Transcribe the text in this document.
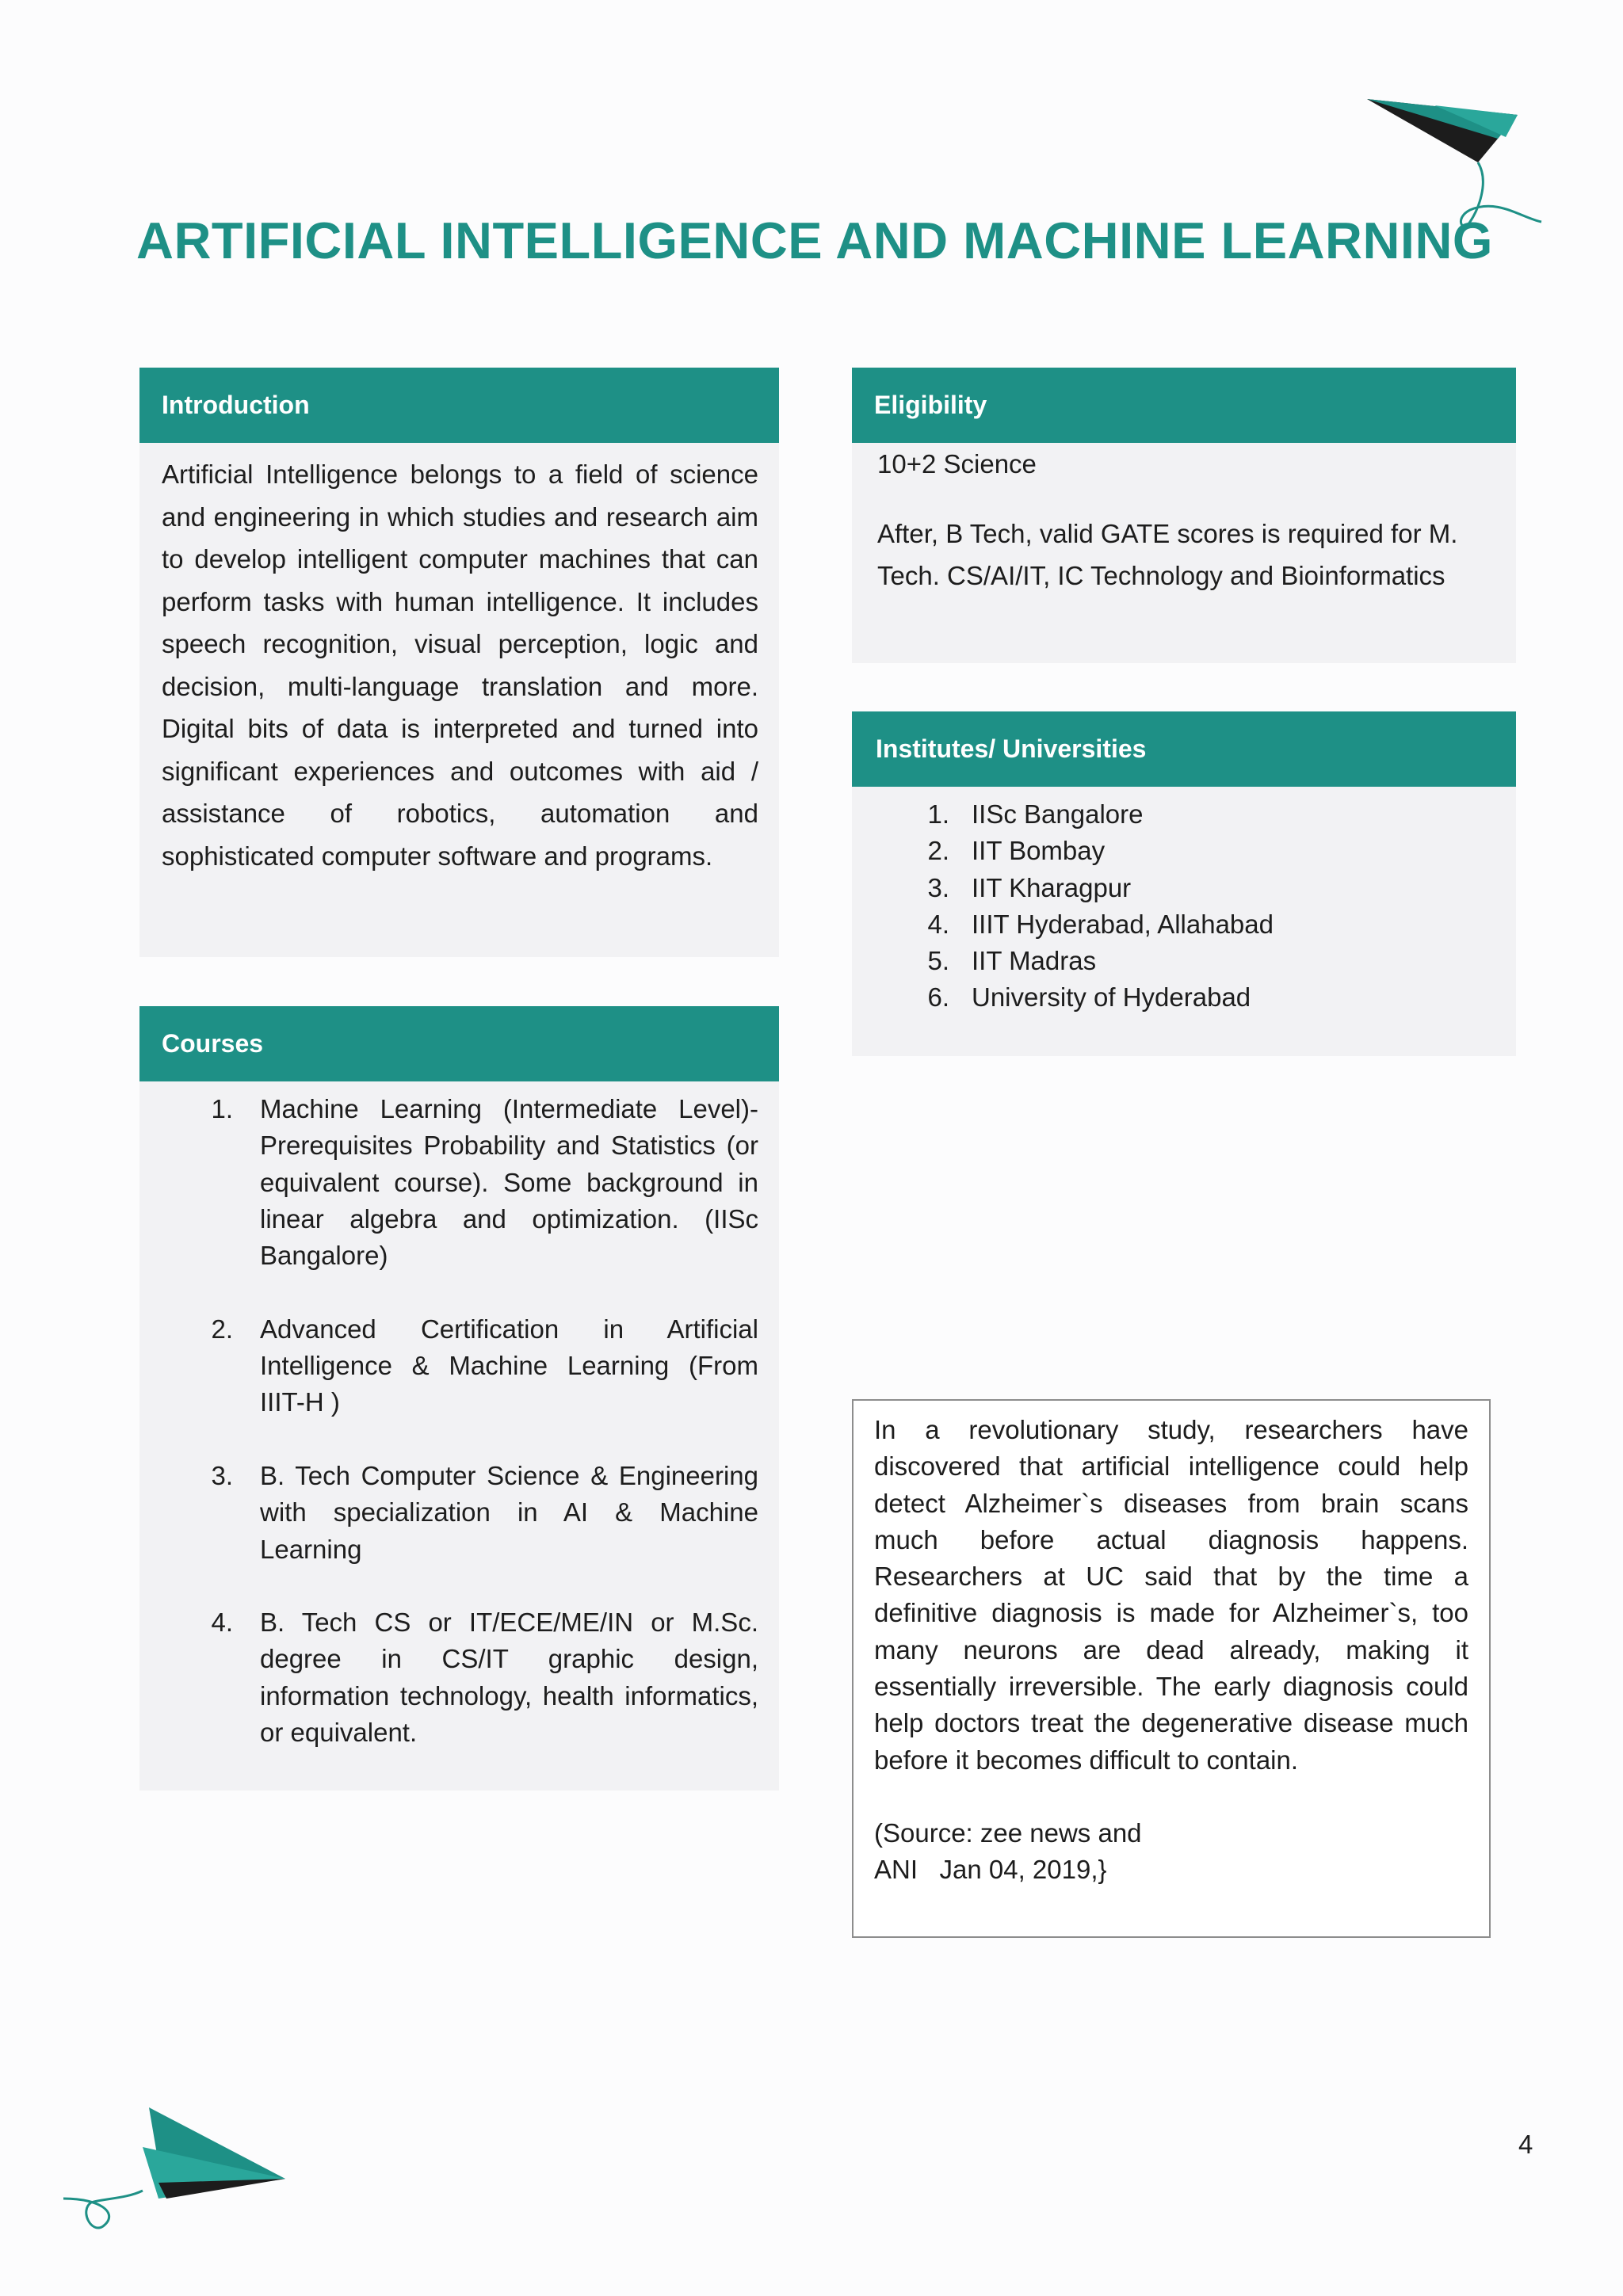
ARTIFICIAL INTELLIGENCE AND MACHINE LEARNING
Introduction
Artificial Intelligence belongs to a field of science and engineering in which studies and research aim to develop intelligent computer machines that can perform tasks with human intelligence. It includes speech recognition, visual perception, logic and decision, multi-language translation and more. Digital bits of data is interpreted and turned into significant experiences and outcomes with aid / assistance of robotics, automation and sophisticated computer software and programs.
Eligibility
10+2 Science
After, B Tech, valid GATE scores is required for M. Tech. CS/AI/IT, IC Technology and Bioinformatics
Institutes/ Universities
1. IISc Bangalore
2. IIT Bombay
3. IIT Kharagpur
4. IIIT Hyderabad, Allahabad
5. IIT Madras
6. University of Hyderabad
Courses
1. Machine Learning (Intermediate Level)- Prerequisites Probability and Statistics (or equivalent course). Some background in linear algebra and optimization. (IISc Bangalore)
2. Advanced Certification in Artificial Intelligence & Machine Learning (From IIIT-H )
3. B. Tech Computer Science & Engineering with specialization in AI & Machine Learning
4. B. Tech CS or IT/ECE/ME/IN or M.Sc. degree in CS/IT graphic design, information technology, health informatics, or equivalent.
In a revolutionary study, researchers have discovered that artificial intelligence could help detect Alzheimer`s diseases from brain scans much before actual diagnosis happens. Researchers at UC said that by the time a definitive diagnosis is made for Alzheimer`s, too many neurons are dead already, making it essentially irreversible. The early diagnosis could help doctors treat the degenerative disease much before it becomes difficult to contain.
(Source: zee news and
ANI   Jan 04, 2019,}
4
